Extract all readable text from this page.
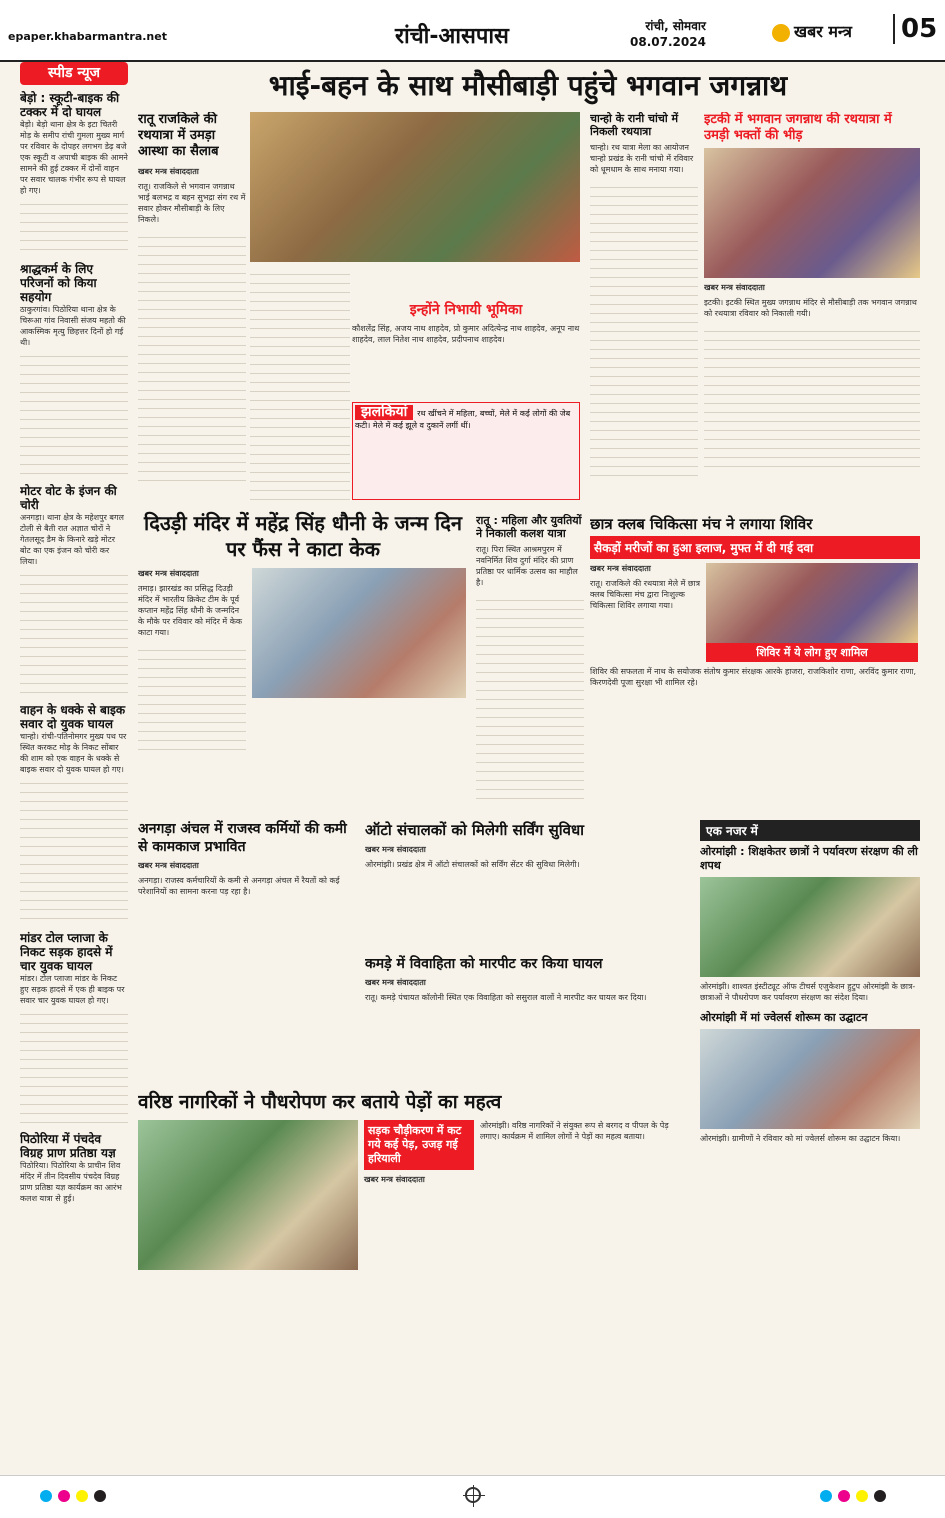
epaper.khabarmantra.net	रांची-आसपास	रांची, सोमवार
08.07.2024
खबर मन्त्र	05
स्पीड न्यूज
बेड़ो : स्कूटी-बाइक की टक्कर में दो घायल
बेड़ो। बेड़ो थाना क्षेत्र के इटा चितरी मोड़ के समीप रांची गुमला मुख्य मार्ग पर रविवार के दोपहर लगभग डेढ़ बजे एक स्कूटी व अपाची बाइक की आमने सामने की हुई टक्कर में दोनों वाहन पर सवार चालक गंभीर रूप से घायल हो गए।
श्राद्धकर्म के लिए परिजनों को किया सहयोग
ठाकुरगांव। पिठोरिया थाना क्षेत्र के चिरूआ गांव निवासी संजय महतो की आकस्मिक मृत्यु छिहत्तर दिनों हो गई थी।
मोटर वोट के इंजन की चोरी
अनगड़ा। थाना क्षेत्र के महेशपुर बगल टोली से बैती रात अज्ञात चोरों ने गेतलसूद डैम के किनारे खड़े मोटर बोट का एक इंजन को चोरी कर लिया।
वाहन के धक्के से बाइक सवार दो युवक घायल
चान्हो। रांची-पतिनोमगर मुख्य पथ पर स्थित करकट मोड़ के निकट सोंबार की शाम को एक वाहन के धक्के से बाइक सवार दो युवक घायल हो गए।
मांडर टोल प्लाजा के निकट सड़क हादसे में चार युवक घायल
मांडर। टोल प्लाजा मांडर के निकट हुए सड़क हादसे में एक ही बाइक पर सवार चार युवक घायल हो गए।
पिठोरिया में पंचदेव विग्रह प्राण प्रतिष्ठा यज्ञ
पिठोरिया। पिठोरिया के प्राचीन शिव मंदिर में तीन दिवसीय पंचदेव विग्रह प्राण प्रतिष्ठा यज्ञ कार्यक्रम का आरंभ कलश यात्रा से हुई।
भाई-बहन के साथ मौसीबाड़ी पहुंचे भगवान जगन्नाथ
रातू राजकिले की रथयात्रा में उमड़ा आस्था का सैलाब
खबर मन्त्र संवाददाता
रातू। राजकिले से भगवान जगन्नाथ भाई बलभद्र व बहन सुभद्रा संग रथ में सवार होकर मौसीबाड़ी के लिए निकले।
इन्होंने निभायी भूमिका
कौशलेंद्र सिंह, अजय नाथ शाहदेव, प्रो कुमार अदित्येन्द्र नाथ शाहदेव, अनूप नाथ शाहदेव, लाल नितेश नाथ शाहदेव, प्रदीपनाथ शाहदेव।
झलकियां रथ खींचने में महिला, बच्चों, मेले में कई लोगों की जेब कटी। मेले में कई झूले व दुकानें लगीं थीं।
चान्हो के रानी चांचो में निकली रथयात्रा
चान्हो। रथ यात्रा मेला का आयोजन चान्हो प्रखंड के रानी चांचो में रविवार को धूमधाम के साथ मनाया गया।
इटकी में भगवान जगन्नाथ की रथयात्रा में उमड़ी भक्तों की भीड़
खबर मन्त्र संवाददाता
इटकी। इटकी स्थित मुख्य जगन्नाथ मंदिर से मौसीबाड़ी तक भगवान जगन्नाथ को रथयात्रा रविवार को निकाली गयी।
दिउड़ी मंदिर में महेंद्र सिंह धौनी के जन्म दिन पर फैंस ने काटा केक
खबर मन्त्र संवाददाता
तमाड़। झारखंड का प्रसिद्ध दिउड़ी मंदिर में भारतीय क्रिकेट टीम के पूर्व कप्तान महेंद्र सिंह धौनी के जन्मदिन के मौके पर रविवार को मंदिर में केक काटा गया।
रातू : महिला और युवतियों ने निकाली कलश यात्रा
रातू। पिरा स्थित आश्रमपुरम में नवनिर्मित शिव दुर्गा मंदिर की प्राण प्रतिष्ठा पर धार्मिक उत्सव का माहौल है।
छात्र क्लब चिकित्सा मंच ने लगाया शिविर
सैकड़ों मरीजों का हुआ इलाज, मुफ्त में दी गई दवा
खबर मन्त्र संवाददाता
रातू। राजकिले की रथयात्रा मेले में छात्र क्लब चिकित्सा मंच द्वारा निःशुल्क चिकित्सा शिविर लगाया गया।
शिविर में ये लोग हुए शामिल
शिविर की सफलता में नाथ के सयोजक संतोष कुमार संरक्षक आरके हाजरा, राजकिशोर राणा, अरविंद कुमार राणा, किरणदेवी पूजा सुरक्षा भी शामिल रहे।
अनगड़ा अंचल में राजस्व कर्मियों की कमी से कामकाज प्रभावित
खबर मन्त्र संवाददाता
अनगड़ा। राजस्व कर्मचारियों के कमी से अनगड़ा अंचल में रैयतों को कई परेशानियों का सामना करना पड़ रहा है।
ऑटो संचालकों को मिलेगी सर्विंग सुविधा
खबर मन्त्र संवाददाता
ओरमांझी। प्रखंड क्षेत्र में ऑटो संचालकों को सर्विंग सेंटर की सुविधा मिलेगी।
कमड़े में विवाहिता को मारपीट कर किया घायल
खबर मन्त्र संवाददाता
रातू। कमड़े पंचायत कॉलोनी स्थित एक विवाहिता को ससुराल वालों ने मारपीट कर घायल कर दिया।
एक नजर में
ओरमांझी : शिक्षकेतर छात्रों ने पर्यावरण संरक्षण की ली शपथ
ओरमांझी। शाश्वत इंस्टीट्यूट ऑफ टीचर्स एजुकेशन हुटुप ओरमांझी के छात्र-छात्राओं ने पौधरोपण कर पर्यावरण संरक्षण का संदेश दिया।
ओरमांझी में मां ज्वेलर्स शोरूम का उद्घाटन
ओरमांझी। ग्रामीणों ने रविवार को मां ज्वेलर्स शोरूम का उद्घाटन किया।
वरिष्ठ नागरिकों ने पौधरोपण कर बताये पेड़ों का महत्व
सड़क चौड़ीकरण में कट गये कई पेड़, उजड़ गई हरियाली
खबर मन्त्र संवाददाता
ओरमांझी। वरिष्ठ नागरिकों ने संयुक्त रूप से बरगद व पीपल के पेड़ लगाए। कार्यक्रम में शामिल लोगों ने पेड़ों का महत्व बताया।
